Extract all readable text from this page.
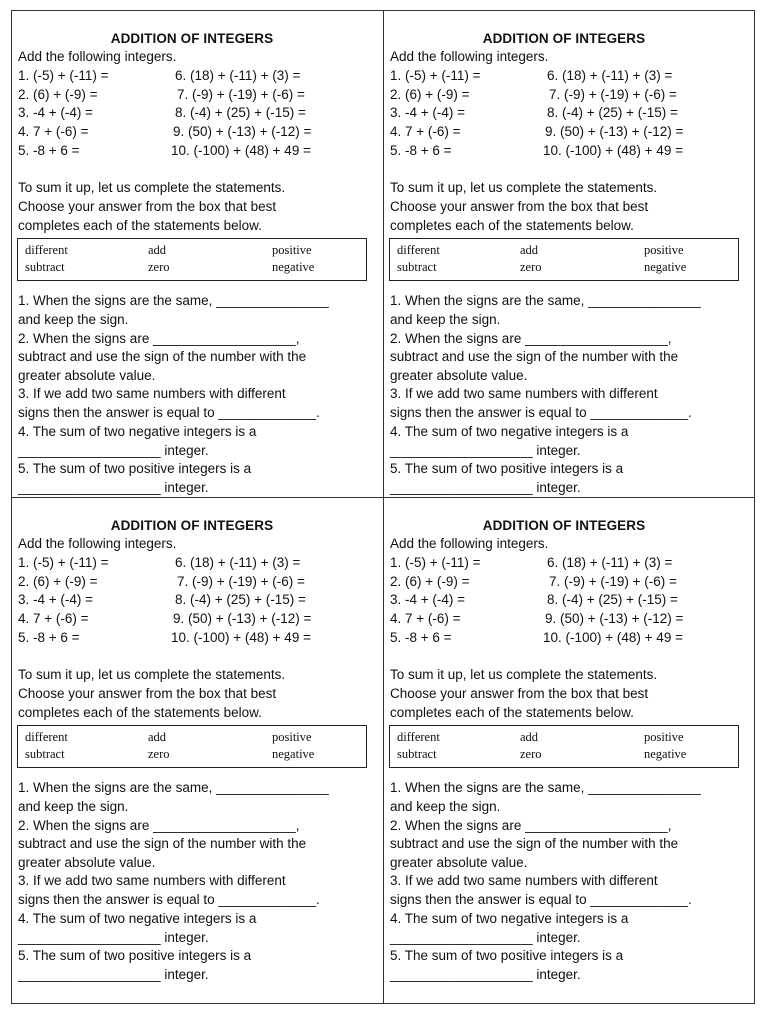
ADDITION OF INTEGERS
Add the following integers.
1. (-5) + (-11) =
2. (6) + (-9) =
3. -4 + (-4) =
4. 7 + (-6) =
5. -8 + 6 =
6. (18) + (-11) + (3) =
7. (-9) + (-19) + (-6) =
8. (-4) + (25) + (-15) =
9. (50) + (-13) + (-12) =
10. (-100) + (48) + 49 =
To sum it up, let us complete the statements.
Choose your answer from the box that best
completes each of the statements below.
different	add	positive
subtract	zero	negative
1. When the signs are the same, _______________
and keep the sign.
2. When the signs are ___________________,
subtract and use the sign of the number with the
greater absolute value.
3. If we add two same numbers with different
signs then the answer is equal to _____________.
4. The sum of two negative integers is a
___________________ integer.
5. The sum of two positive integers is a
___________________ integer.
ADDITION OF INTEGERS
Add the following integers.
1. (-5) + (-11) =
2. (6) + (-9) =
3. -4 + (-4) =
4. 7 + (-6) =
5. -8 + 6 =
6. (18) + (-11) + (3) =
7. (-9) + (-19) + (-6) =
8. (-4) + (25) + (-15) =
9. (50) + (-13) + (-12) =
10. (-100) + (48) + 49 =
To sum it up, let us complete the statements.
Choose your answer from the box that best
completes each of the statements below.
different	add	positive
subtract	zero	negative
1. When the signs are the same, _______________
and keep the sign.
2. When the signs are ___________________,
subtract and use the sign of the number with the
greater absolute value.
3. If we add two same numbers with different
signs then the answer is equal to _____________.
4. The sum of two negative integers is a
___________________ integer.
5. The sum of two positive integers is a
___________________ integer.
ADDITION OF INTEGERS
Add the following integers.
1. (-5) + (-11) =
2. (6) + (-9) =
3. -4 + (-4) =
4. 7 + (-6) =
5. -8 + 6 =
6. (18) + (-11) + (3) =
7. (-9) + (-19) + (-6) =
8. (-4) + (25) + (-15) =
9. (50) + (-13) + (-12) =
10. (-100) + (48) + 49 =
To sum it up, let us complete the statements.
Choose your answer from the box that best
completes each of the statements below.
different	add	positive
subtract	zero	negative
1. When the signs are the same, _______________
and keep the sign.
2. When the signs are ___________________,
subtract and use the sign of the number with the
greater absolute value.
3. If we add two same numbers with different
signs then the answer is equal to _____________.
4. The sum of two negative integers is a
___________________ integer.
5. The sum of two positive integers is a
___________________ integer.
ADDITION OF INTEGERS
Add the following integers.
1. (-5) + (-11) =
2. (6) + (-9) =
3. -4 + (-4) =
4. 7 + (-6) =
5. -8 + 6 =
6. (18) + (-11) + (3) =
7. (-9) + (-19) + (-6) =
8. (-4) + (25) + (-15) =
9. (50) + (-13) + (-12) =
10. (-100) + (48) + 49 =
To sum it up, let us complete the statements.
Choose your answer from the box that best
completes each of the statements below.
different	add	positive
subtract	zero	negative
1. When the signs are the same, _______________
and keep the sign.
2. When the signs are ___________________,
subtract and use the sign of the number with the
greater absolute value.
3. If we add two same numbers with different
signs then the answer is equal to _____________.
4. The sum of two negative integers is a
___________________ integer.
5. The sum of two positive integers is a
___________________ integer.
